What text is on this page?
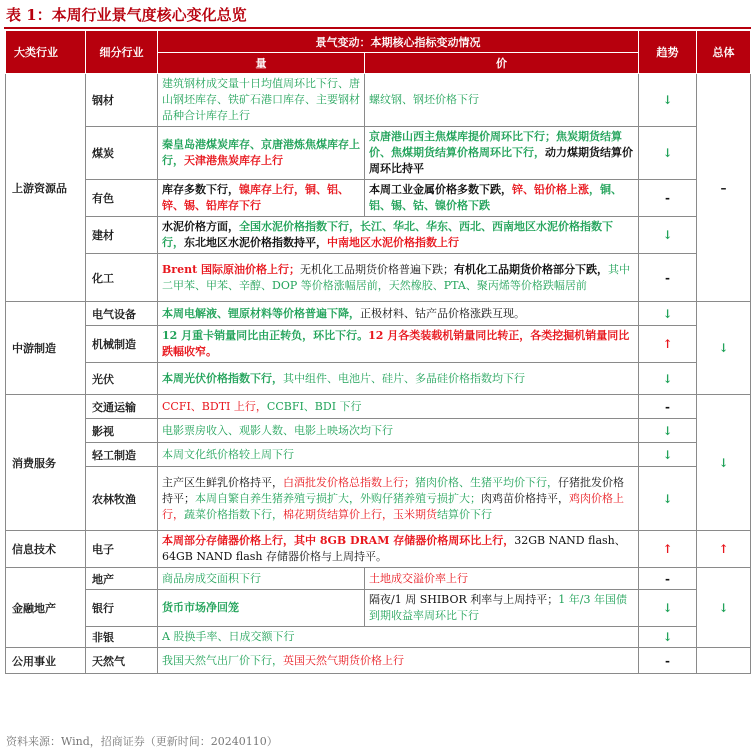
表 1：本周行业景气度核心变化总览
大类行业	细分行业	景气变动：本期核心指标变动情况		趋势	总体
		量	价		
上游资源品	钢材	建筑钢材成交量十日均值周环比下行、唐山钢坯库存、铁矿石港口库存、主要钢材品种合计库存上行	螺纹钢、钢坯价格下行	↓	–
	煤炭	秦皇岛港煤炭库存、京唐港炼焦煤库存上行，天津港焦炭库存上行	京唐港山西主焦煤库提价周环比下行；焦炭期货结算价、焦煤期货结算价格周环比下行，动力煤期货结算价周环比持平	↓	
	有色	库存多数下行，镍库存上行，铜、铝、锌、锡、铅库存下行	本周工业金属价格多数下跌，锌、铅价格上涨，铜、铝、锡、钴、镍价格下跌	-	
	建材	水泥价格方面，全国水泥价格指数下行，长江、华北、华东、西北、西南地区水泥价格指数下行，东北地区水泥价格指数持平，中南地区水泥价格指数上行		↓	
	化工	Brent 国际原油价格上行；无机化工品期货价格普遍下跌；有机化工品期货价格部分下跌，其中二甲苯、甲苯、辛醇、DOP 等价格涨幅居前，天然橡胶、PTA、聚丙烯等价格跌幅居前		-	
中游制造	电气设备	本周电解液、锂原材料等价格普遍下降，正极材料、钴产品价格涨跌互现。		↓	↓
	机械制造	12 月重卡销量同比由正转负，环比下行。12 月各类装载机销量同比转正，各类挖掘机销量同比跌幅收窄。		↑	
	光伏	本周光伏价格指数下行，其中组件、电池片、硅片、多晶硅价格指数均下行		↓	
消费服务	交通运输	CCFI、BDTI 上行，CCBFI、BDI 下行		-	↓
	影视	电影票房收入、观影人数、电影上映场次均下行		↓	
	轻工制造	本周文化纸价格较上周下行		↓	
	农林牧渔	主产区生鲜乳价格持平，白酒批发价格总指数上行；猪肉价格、生猪平均价下行，仔猪批发价格持平；本周自繁自养生猪养殖亏损扩大，外购仔猪养殖亏损扩大；肉鸡苗价格持平，鸡肉价格上行，蔬菜价格指数下行，棉花期货结算价上行，玉米期货结算价下行		↓	
信息技术	电子	本周部分存储器价格上行，其中 8GB DRAM 存储器价格周环比上行，32GB NAND flash、64GB NAND flash 存储器价格与上周持平。		↑	↑
金融地产	地产	商品房成交面积下行	土地成交溢价率上行	-	↓
	银行	货币市场净回笼	隔夜/1 周 SHIBOR 利率与上周持平；1 年/3 年国债到期收益率周环比下行	↓	
	非银	A 股换手率、日成交额下行		↓	
公用事业	天然气	我国天然气出厂价下行，英国天然气期货价格上行		-	
资料来源：Wind，招商证券（更新时间：20240110）
